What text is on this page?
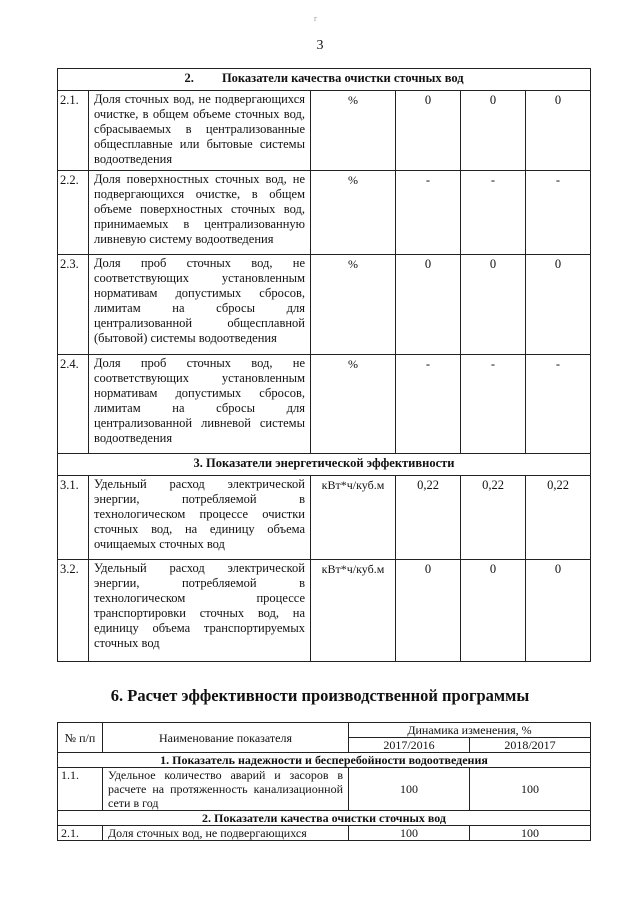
3
г
2.         Показатели качества очистки сточных вод					
2.1.	Доля сточных вод, не подвергающихся очистке, в общем объеме сточных вод, сбрасываемых в централизованные общесплавные или бытовые системы водоотведения	%	0	0	0
2.2.	Доля поверхностных сточных вод, не подвергающихся очистке, в общем объеме поверхностных сточных вод, принимаемых в централизованную ливневую систему водоотведения	%	-	-	-
2.3.	Доля проб сточных вод, не соответствующих установленным нормативам допустимых сбросов, лимитам на сбросы для централизованной общесплавной (бытовой) системы водоотведения	%	0	0	0
2.4.	Доля проб сточных вод, не соответствующих установленным нормативам допустимых сбросов, лимитам на сбросы для централизованной ливневой системы водоотведения	%	-	-	-
3. Показатели энергетической эффективности					
3.1.	Удельный расход электрической энергии, потребляемой в технологическом процессе очистки сточных вод, на единицу объема очищаемых сточных вод	кВт*ч/куб.м	0,22	0,22	0,22
3.2.	Удельный расход электрической энергии, потребляемой в технологическом процессе транспортировки сточных вод, на единицу объема транспортируемых сточных вод	кВт*ч/куб.м	0	0	0
6. Расчет эффективности производственной программы
№ п/п	Наименование показателя	Динамика изменения, %	
		2017/2016	2018/2017
1. Показатель надежности и бесперебойности водоотведения			
1.1.	Удельное количество аварий и засоров в расчете на протяженность канализационной сети в год	100	100
2. Показатели качества очистки сточных вод			
2.1.	Доля сточных вод, не подвергающихся	100	100
